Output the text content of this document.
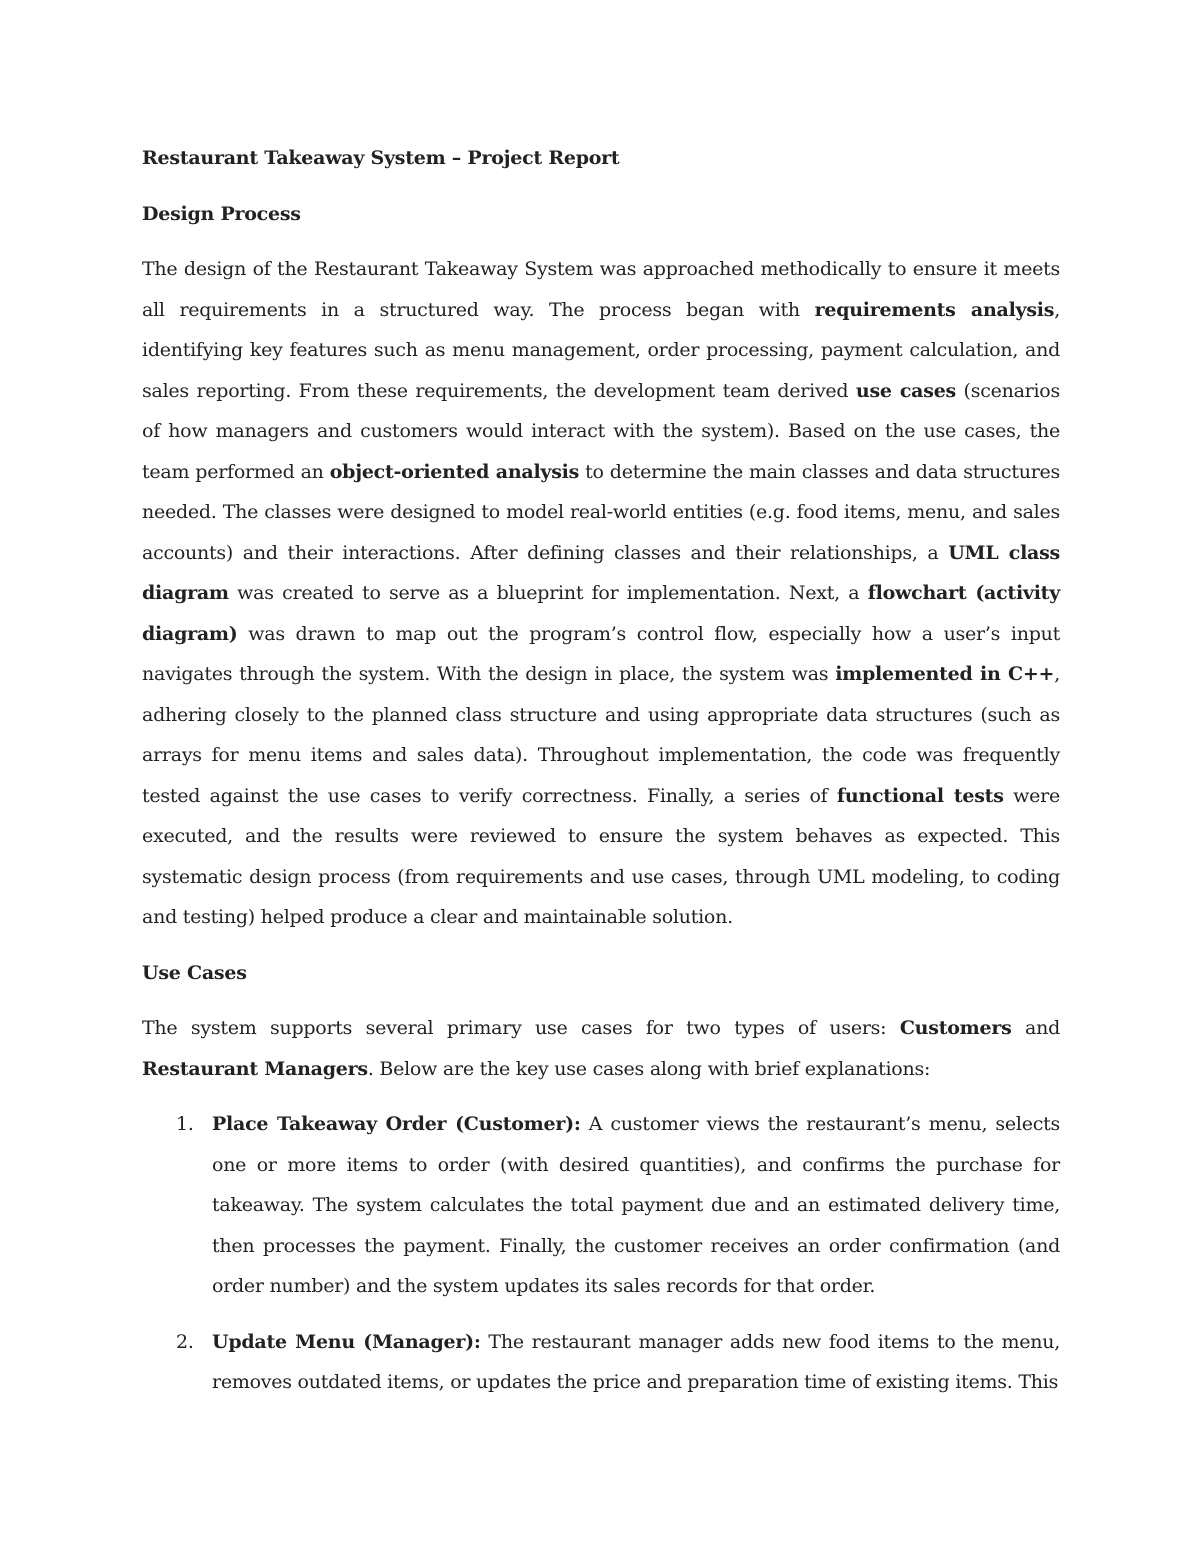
Restaurant Takeaway System – Project Report
Design Process

The design of the Restaurant Takeaway System was approached methodically to ensure it meets all requirements in a structured way. The process began with requirements analysis, identifying key features such as menu management, order processing, payment calculation, and sales reporting. From these requirements, the development team derived use cases (scenarios of how managers and customers would interact with the system). Based on the use cases, the team performed an object-oriented analysis to determine the main classes and data structures needed. The classes were designed to model real-world entities (e.g. food items, menu, and sales accounts) and their interactions. After defining classes and their relationships, a UML class diagram was created to serve as a blueprint for implementation. Next, a flowchart (activity diagram) was drawn to map out the program’s control flow, especially how a user’s input navigates through the system. With the design in place, the system was implemented in C++, adhering closely to the planned class structure and using appropriate data structures (such as arrays for menu items and sales data). Throughout implementation, the code was frequently tested against the use cases to verify correctness. Finally, a series of functional tests were executed, and the results were reviewed to ensure the system behaves as expected. This systematic design process (from requirements and use cases, through UML modeling, to coding and testing) helped produce a clear and maintainable solution.

Use Cases

The system supports several primary use cases for two types of users: Customers and Restaurant Managers. Below are the key use cases along with brief explanations:

1. Place Takeaway Order (Customer): A customer views the restaurant’s menu, selects one or more items to order (with desired quantities), and confirms the purchase for takeaway. The system calculates the total payment due and an estimated delivery time, then processes the payment. Finally, the customer receives an order confirmation (and order number) and the system updates its sales records for that order.
2. Update Menu (Manager): The restaurant manager adds new food items to the menu, removes outdated items, or updates the price and preparation time of existing items. This
